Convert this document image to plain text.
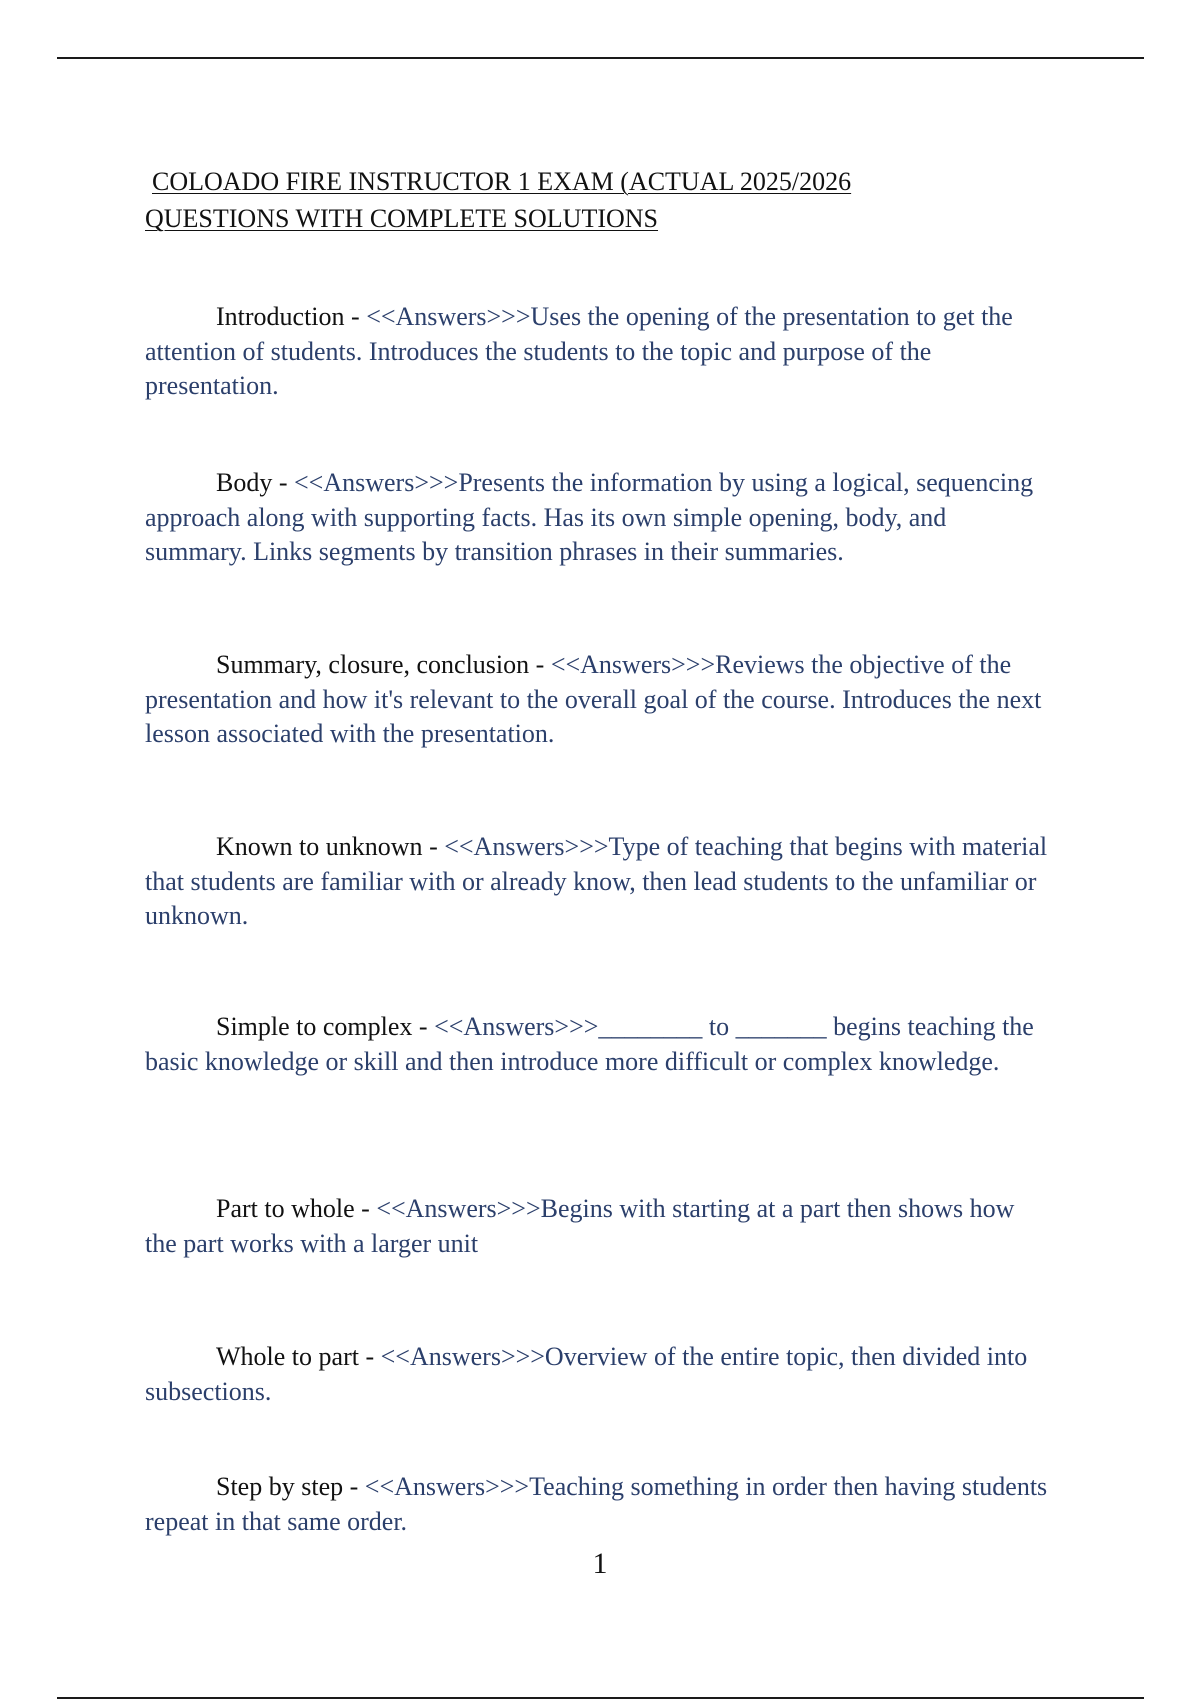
COLOADO FIRE INSTRUCTOR 1 EXAM (ACTUAL 2025/2026
QUESTIONS WITH COMPLETE SOLUTIONS

Introduction - <<Answers>>>Uses the opening of the presentation to get the attention of students. Introduces the students to the topic and purpose of the presentation.

Body - <<Answers>>>Presents the information by using a logical, sequencing approach along with supporting facts. Has its own simple opening, body, and summary. Links segments by transition phrases in their summaries.

Summary, closure, conclusion - <<Answers>>>Reviews the objective of the presentation and how it's relevant to the overall goal of the course. Introduces the next lesson associated with the presentation.

Known to unknown - <<Answers>>>Type of teaching that begins with material that students are familiar with or already know, then lead students to the unfamiliar or unknown.

Simple to complex - <<Answers>>>________ to _______ begins teaching the basic knowledge or skill and then introduce more difficult or complex knowledge.

Part to whole - <<Answers>>>Begins with starting at a part then shows how the part works with a larger unit

Whole to part - <<Answers>>>Overview of the entire topic, then divided into subsections.

Step by step - <<Answers>>>Teaching something in order then having students repeat in that same order.

1
